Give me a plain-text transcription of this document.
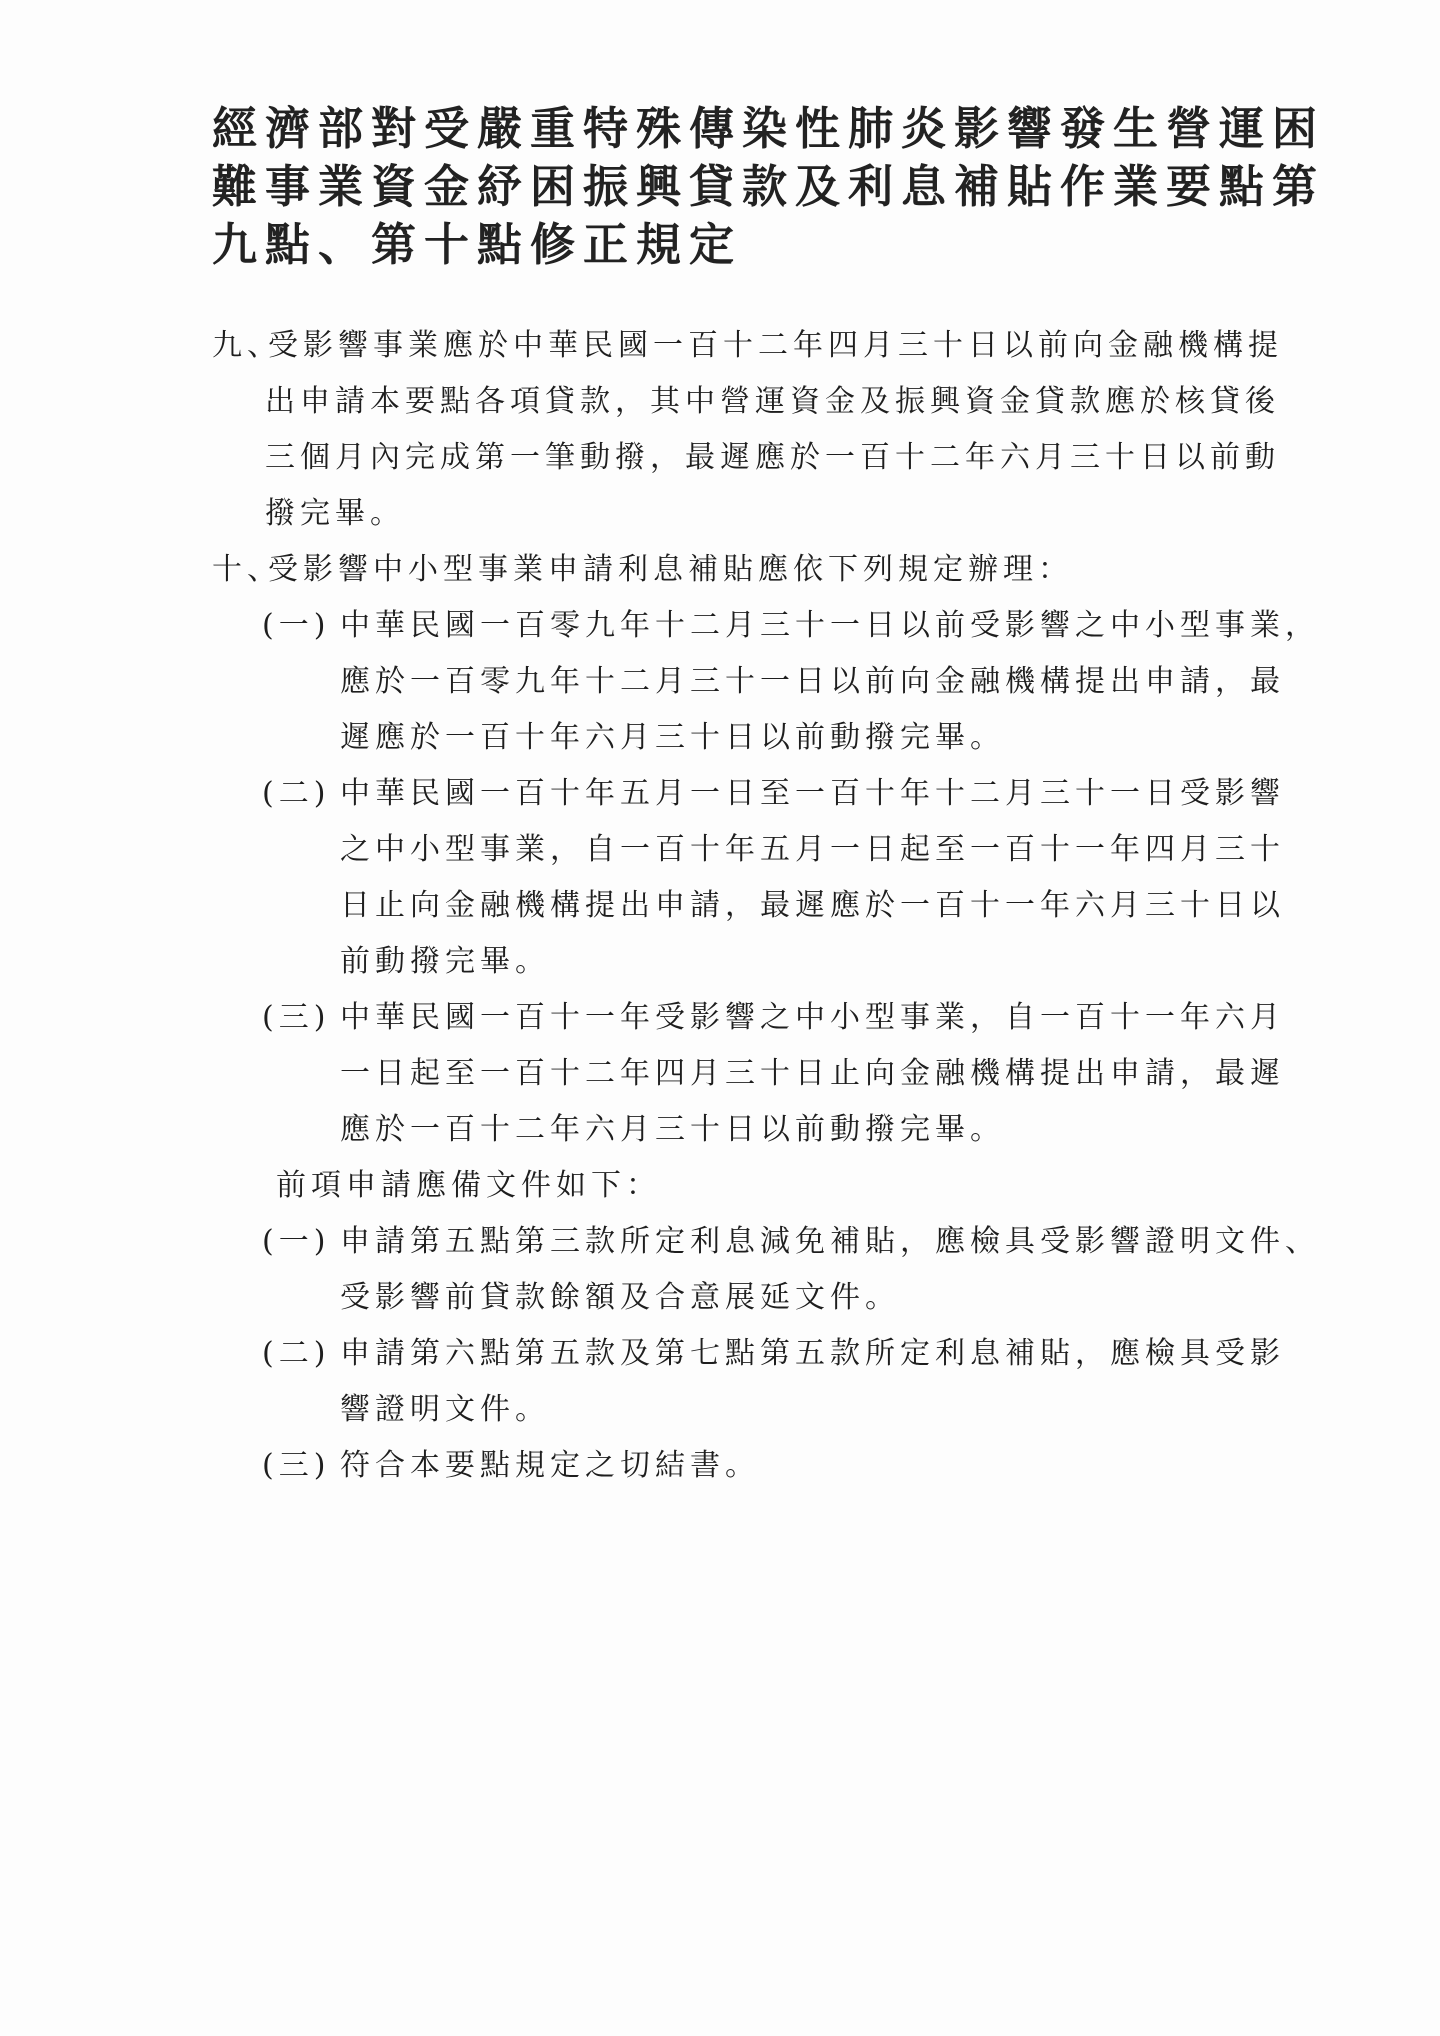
經濟部對受嚴重特殊傳染性肺炎影響發生營運困
難事業資金紓困振興貸款及利息補貼作業要點第
九點、第十點修正規定
九、
受影響事業應於中華民國一百十二年四月三十日以前向金融機構提
出申請本要點各項貸款，其中營運資金及振興資金貸款應於核貸後
三個月內完成第一筆動撥，最遲應於一百十二年六月三十日以前動
撥完畢。
十、
受影響中小型事業申請利息補貼應依下列規定辦理：
(一) 中華民國一百零九年十二月三十一日以前受影響之中小型事業，
應於一百零九年十二月三十一日以前向金融機構提出申請，最
遲應於一百十年六月三十日以前動撥完畢。
(二) 中華民國一百十年五月一日至一百十年十二月三十一日受影響
之中小型事業，自一百十年五月一日起至一百十一年四月三十
日止向金融機構提出申請，最遲應於一百十一年六月三十日以
前動撥完畢。
(三) 中華民國一百十一年受影響之中小型事業，自一百十一年六月
一日起至一百十二年四月三十日止向金融機構提出申請，最遲
應於一百十二年六月三十日以前動撥完畢。
前項申請應備文件如下：
(一) 申請第五點第三款所定利息減免補貼，應檢具受影響證明文件、
受影響前貸款餘額及合意展延文件。
(二) 申請第六點第五款及第七點第五款所定利息補貼，應檢具受影
響證明文件。
(三) 符合本要點規定之切結書。
